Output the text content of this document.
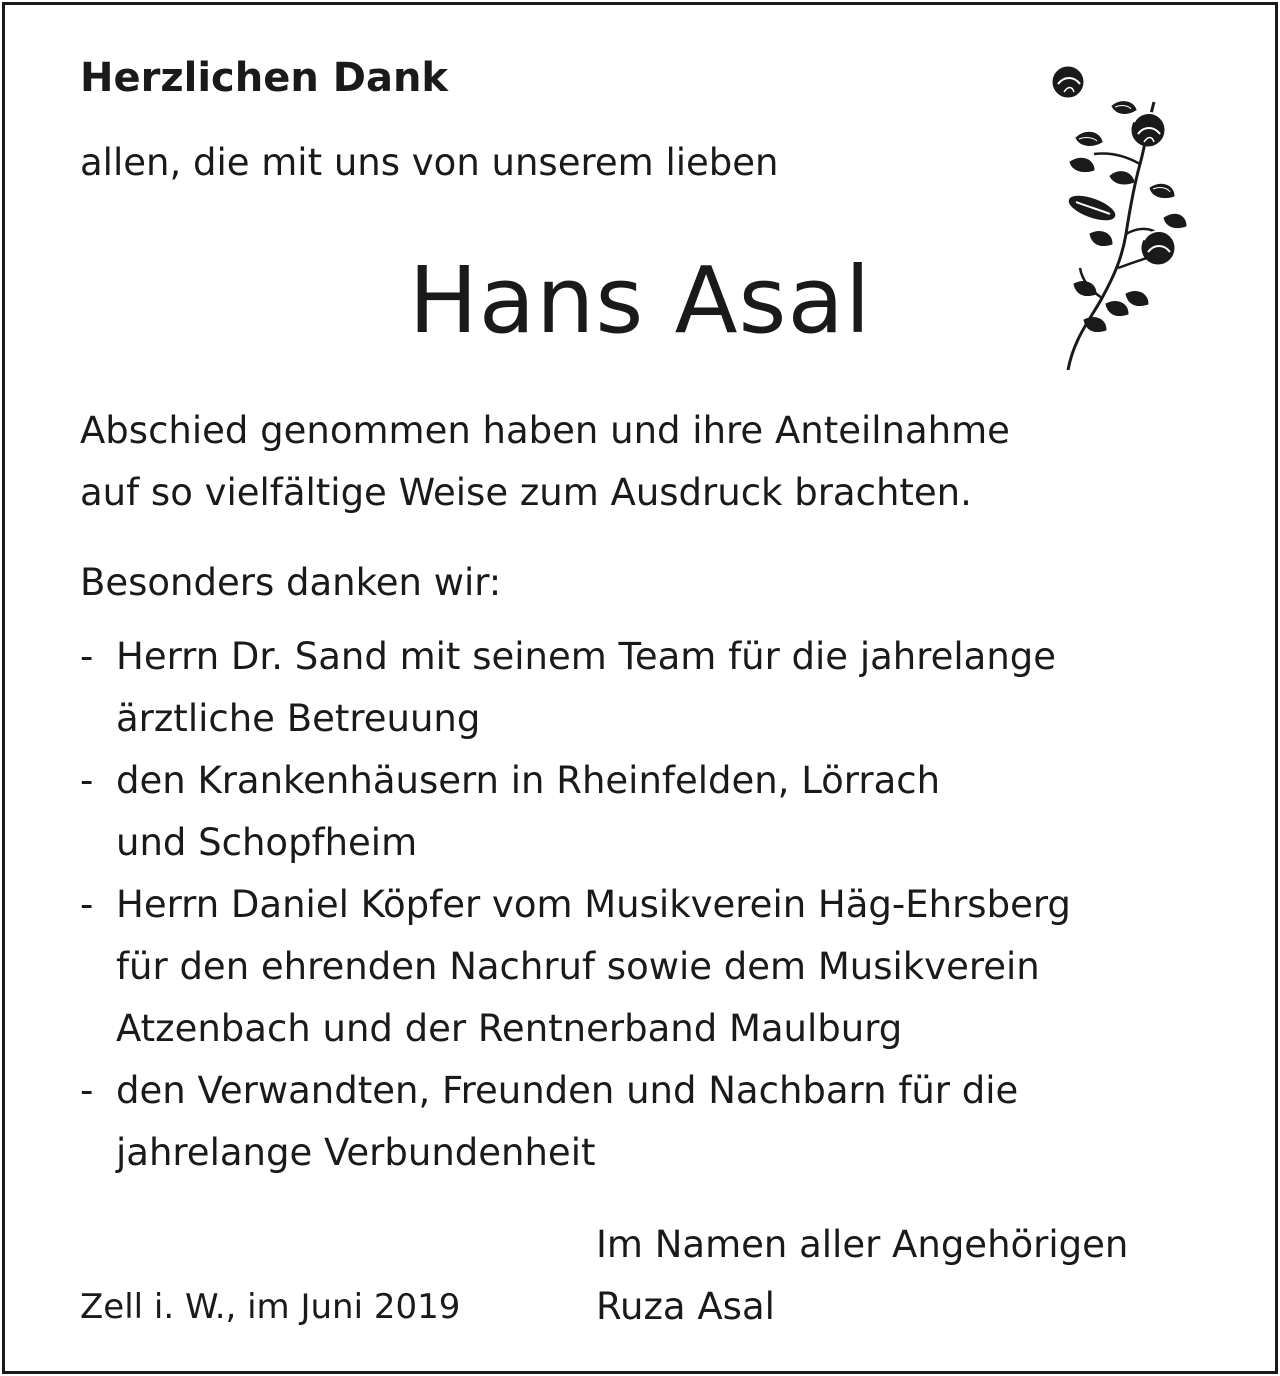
Herzlichen Dank
allen, die mit uns von unserem lieben
Hans Asal
Abschied genommen haben und ihre Anteilnahme
auf so vielfältige Weise zum Ausdruck brachten.
Besonders danken wir:
- Herrn Dr. Sand mit seinem Team für die jahrelange
ärztliche Betreuung
- den Krankenhäusern in Rheinfelden, Lörrach
und Schopfheim
- Herrn Daniel Köpfer vom Musikverein Häg-Ehrsberg
für den ehrenden Nachruf sowie dem Musikverein
Atzenbach und der Rentnerband Maulburg
- den Verwandten, Freunden und Nachbarn für die
jahrelange Verbundenheit
Im Namen aller Angehörigen
Ruza Asal
Zell i. W., im Juni 2019
